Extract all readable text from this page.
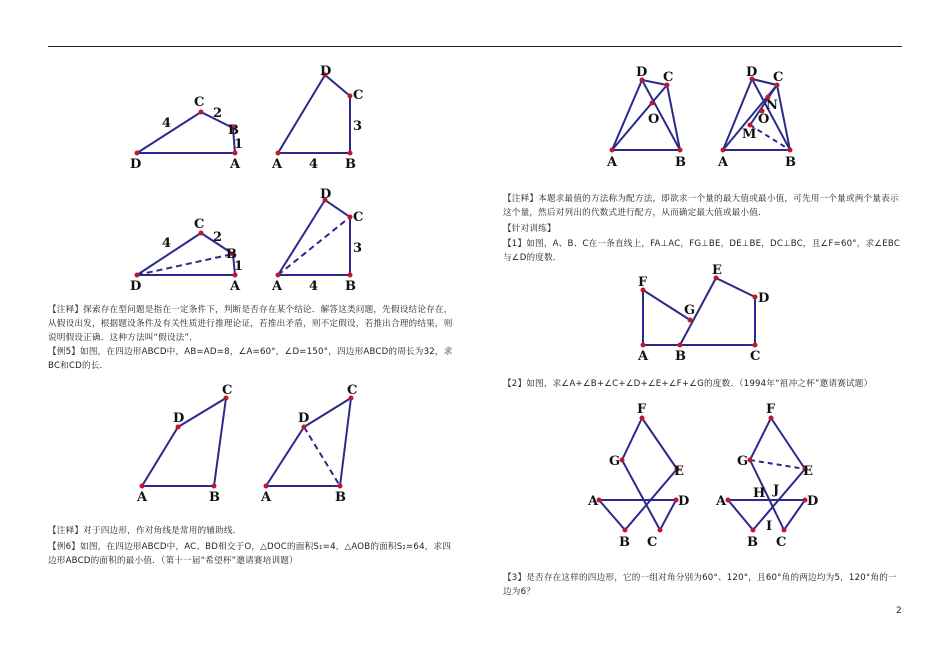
C
B
D	A
4
2
1
D
C
A	B
3
4
C
B
D	A
4	2
1
D
C
A	B
3
4
C
D
A	B
C
D
A	B
D C
O
A	B
D C
N
O
M
A	B
F
E
G
D
A B	C
F
G
E
A	D
B C
F
G
E
H J
A	D
I
B C
【注释】探索存在型问题是指在一定条件下，判断是否存在某个结论．解答这类问题，先假设结论存在，从假设出发，根据题设条件及有关性质进行推理论证，若推出矛盾，则不定假设，若推出合理的结果，则说明假设正确．这种方法叫“假设法”．
【例5】如图，在四边形ABCD中，AB=AD=8，∠A=60°，∠D=150°，四边形ABCD的周长为32，求BC和CD的长．
【注释】对于四边形，作对角线是常用的辅助线．
【例6】如图，在四边形ABCD中，AC、BD相交于O，△DOC的面积S₁=4，△AOB的面积S₂=64，求四边形ABCD的面积的最小值．（第十一届“希望杯”邀请赛培训题）
【注释】本题求最值的方法称为配方法，即欲求一个量的最大值或最小值，可先用一个量或两个量表示这个量，然后对列出的代数式进行配方，从而确定最大值或最小值．
【针对训练】
【1】如图，A、B、C在一条直线上，FA⊥AC，FG⊥BE，DE⊥BE，DC⊥BC，且∠F=60°，求∠EBC与∠D的度数．
【2】如图，求∠A+∠B+∠C+∠D+∠E+∠F+∠G的度数．（1994年“祖冲之杯”邀请赛试题）
【3】是否存在这样的四边形，它的一组对角分别为60°、120°，且60°角的两边均为5，120°角的一边为6？
2
